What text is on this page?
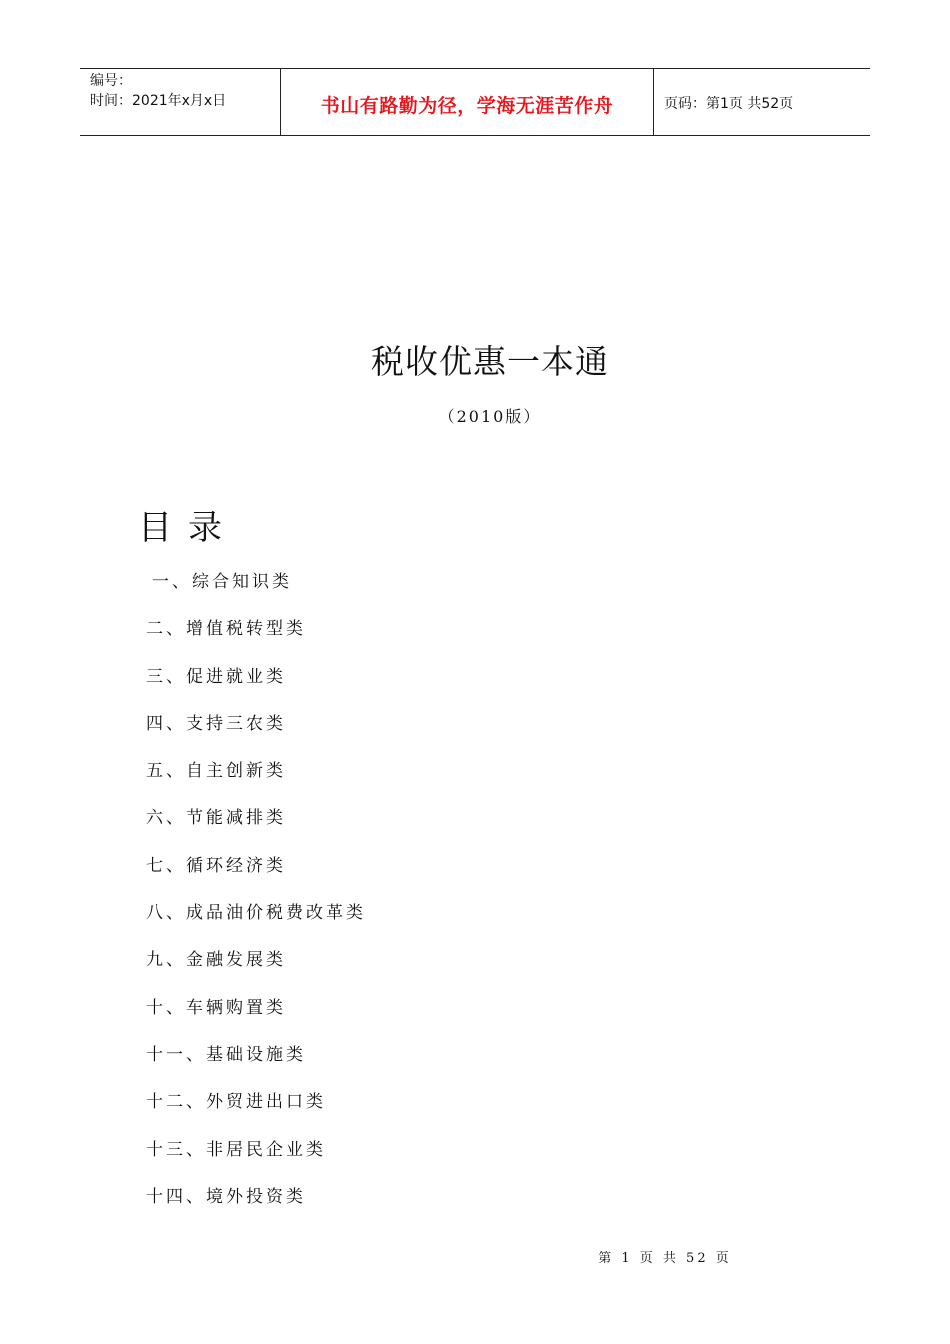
编号：
时间：2021年x月x日	书山有路勤为径，学海无涯苦作舟	页码：第1页 共52页
税收优惠一本通
（2010版）
目录
一、综合知识类
二、增值税转型类
三、促进就业类
四、支持三农类
五、自主创新类
六、节能减排类
七、循环经济类
八、成品油价税费改革类
九、金融发展类
十、车辆购置类
十一、基础设施类
十二、外贸进出口类
十三、非居民企业类
十四、境外投资类
第 1 页 共 52 页
